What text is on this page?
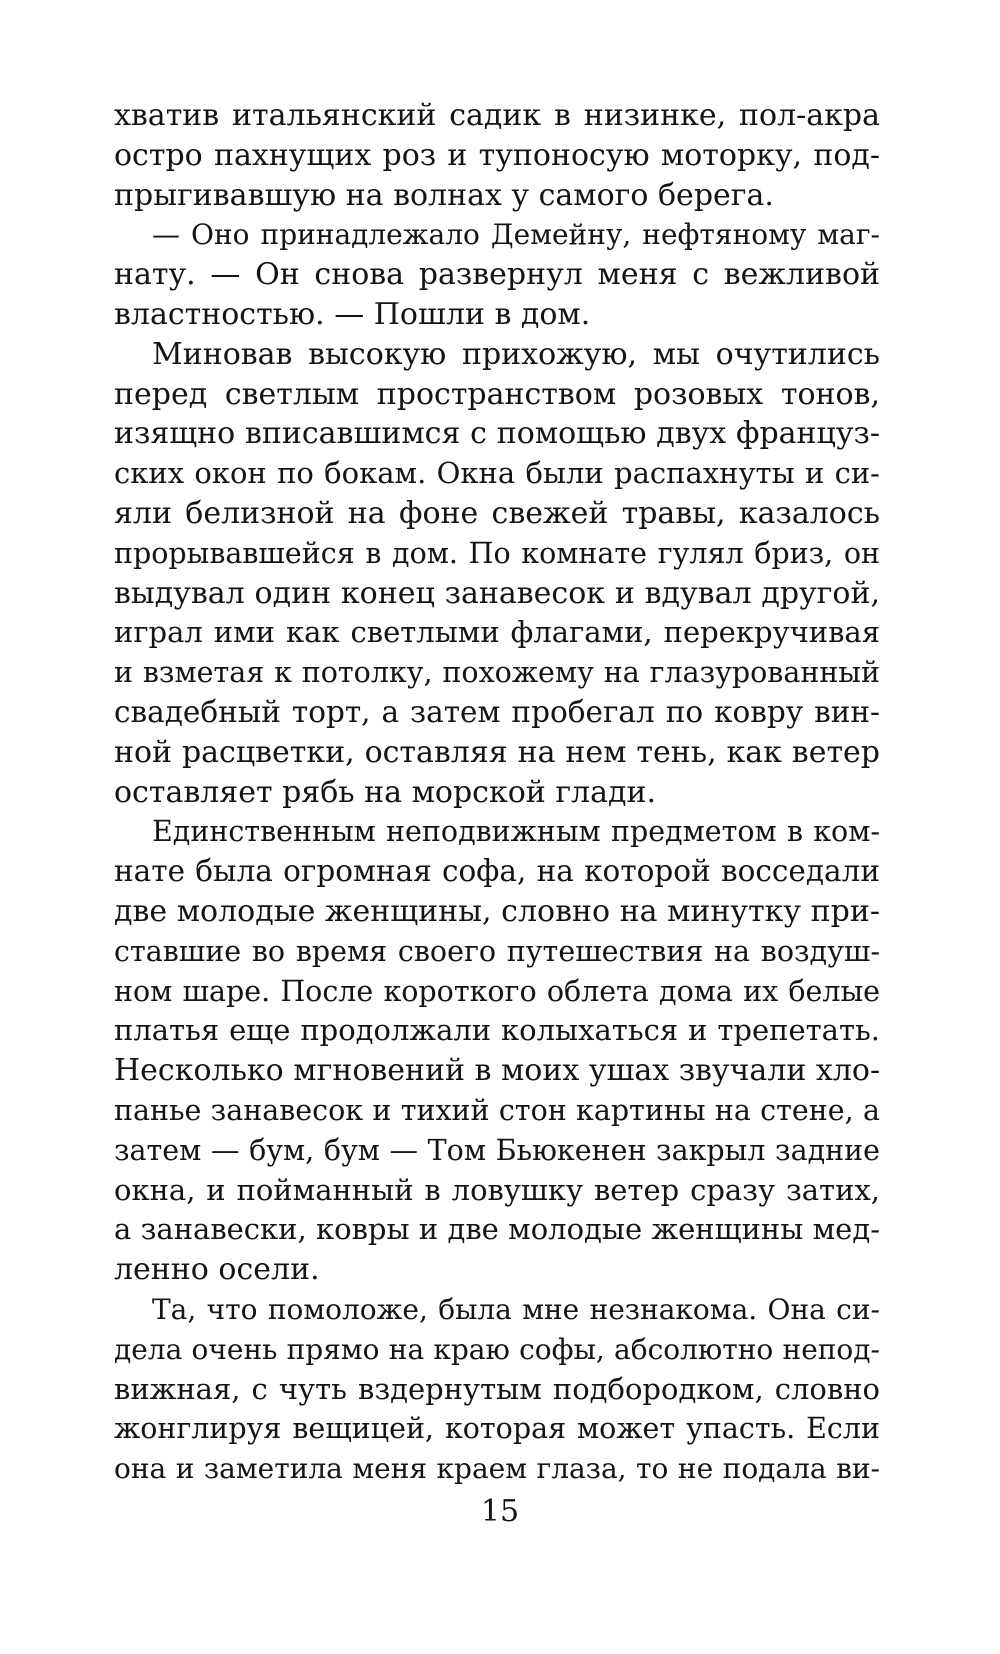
хватив итальянский садик в низинке, пол-акра
остро пахнущих роз и тупоносую моторку, под-
прыгивавшую на волнах у самого берега.
— Оно принадлежало Демейну, нефтяному маг-
нату. — Он снова развернул меня с вежливой
властностью. — Пошли в дом.
Миновав высокую прихожую, мы очутились
перед светлым пространством розовых тонов,
изящно вписавшимся с помощью двух француз-
ских окон по бокам. Окна были распахнуты и си-
яли белизной на фоне свежей травы, казалось
прорывавшейся в дом. По комнате гулял бриз, он
выдувал один конец занавесок и вдувал другой,
играл ими как светлыми флагами, перекручивая
и взметая к потолку, похожему на глазурованный
свадебный торт, а затем пробегал по ковру вин-
ной расцветки, оставляя на нем тень, как ветер
оставляет рябь на морской глади.
Единственным неподвижным предметом в ком-
нате была огромная софа, на которой восседали
две молодые женщины, словно на минутку при-
ставшие во время своего путешествия на воздуш-
ном шаре. После короткого облета дома их белые
платья еще продолжали колыхаться и трепетать.
Несколько мгновений в моих ушах звучали хло-
панье занавесок и тихий стон картины на стене, а
затем — бум, бум — Том Бьюкенен закрыл задние
окна, и пойманный в ловушку ветер сразу затих,
а занавески, ковры и две молодые женщины мед-
ленно осели.
Та, что помоложе, была мне незнакома. Она си-
дела очень прямо на краю софы, абсолютно непод-
вижная, с чуть вздернутым подбородком, словно
жонглируя вещицей, которая может упасть. Если
она и заметила меня краем глаза, то не подала ви-
15
